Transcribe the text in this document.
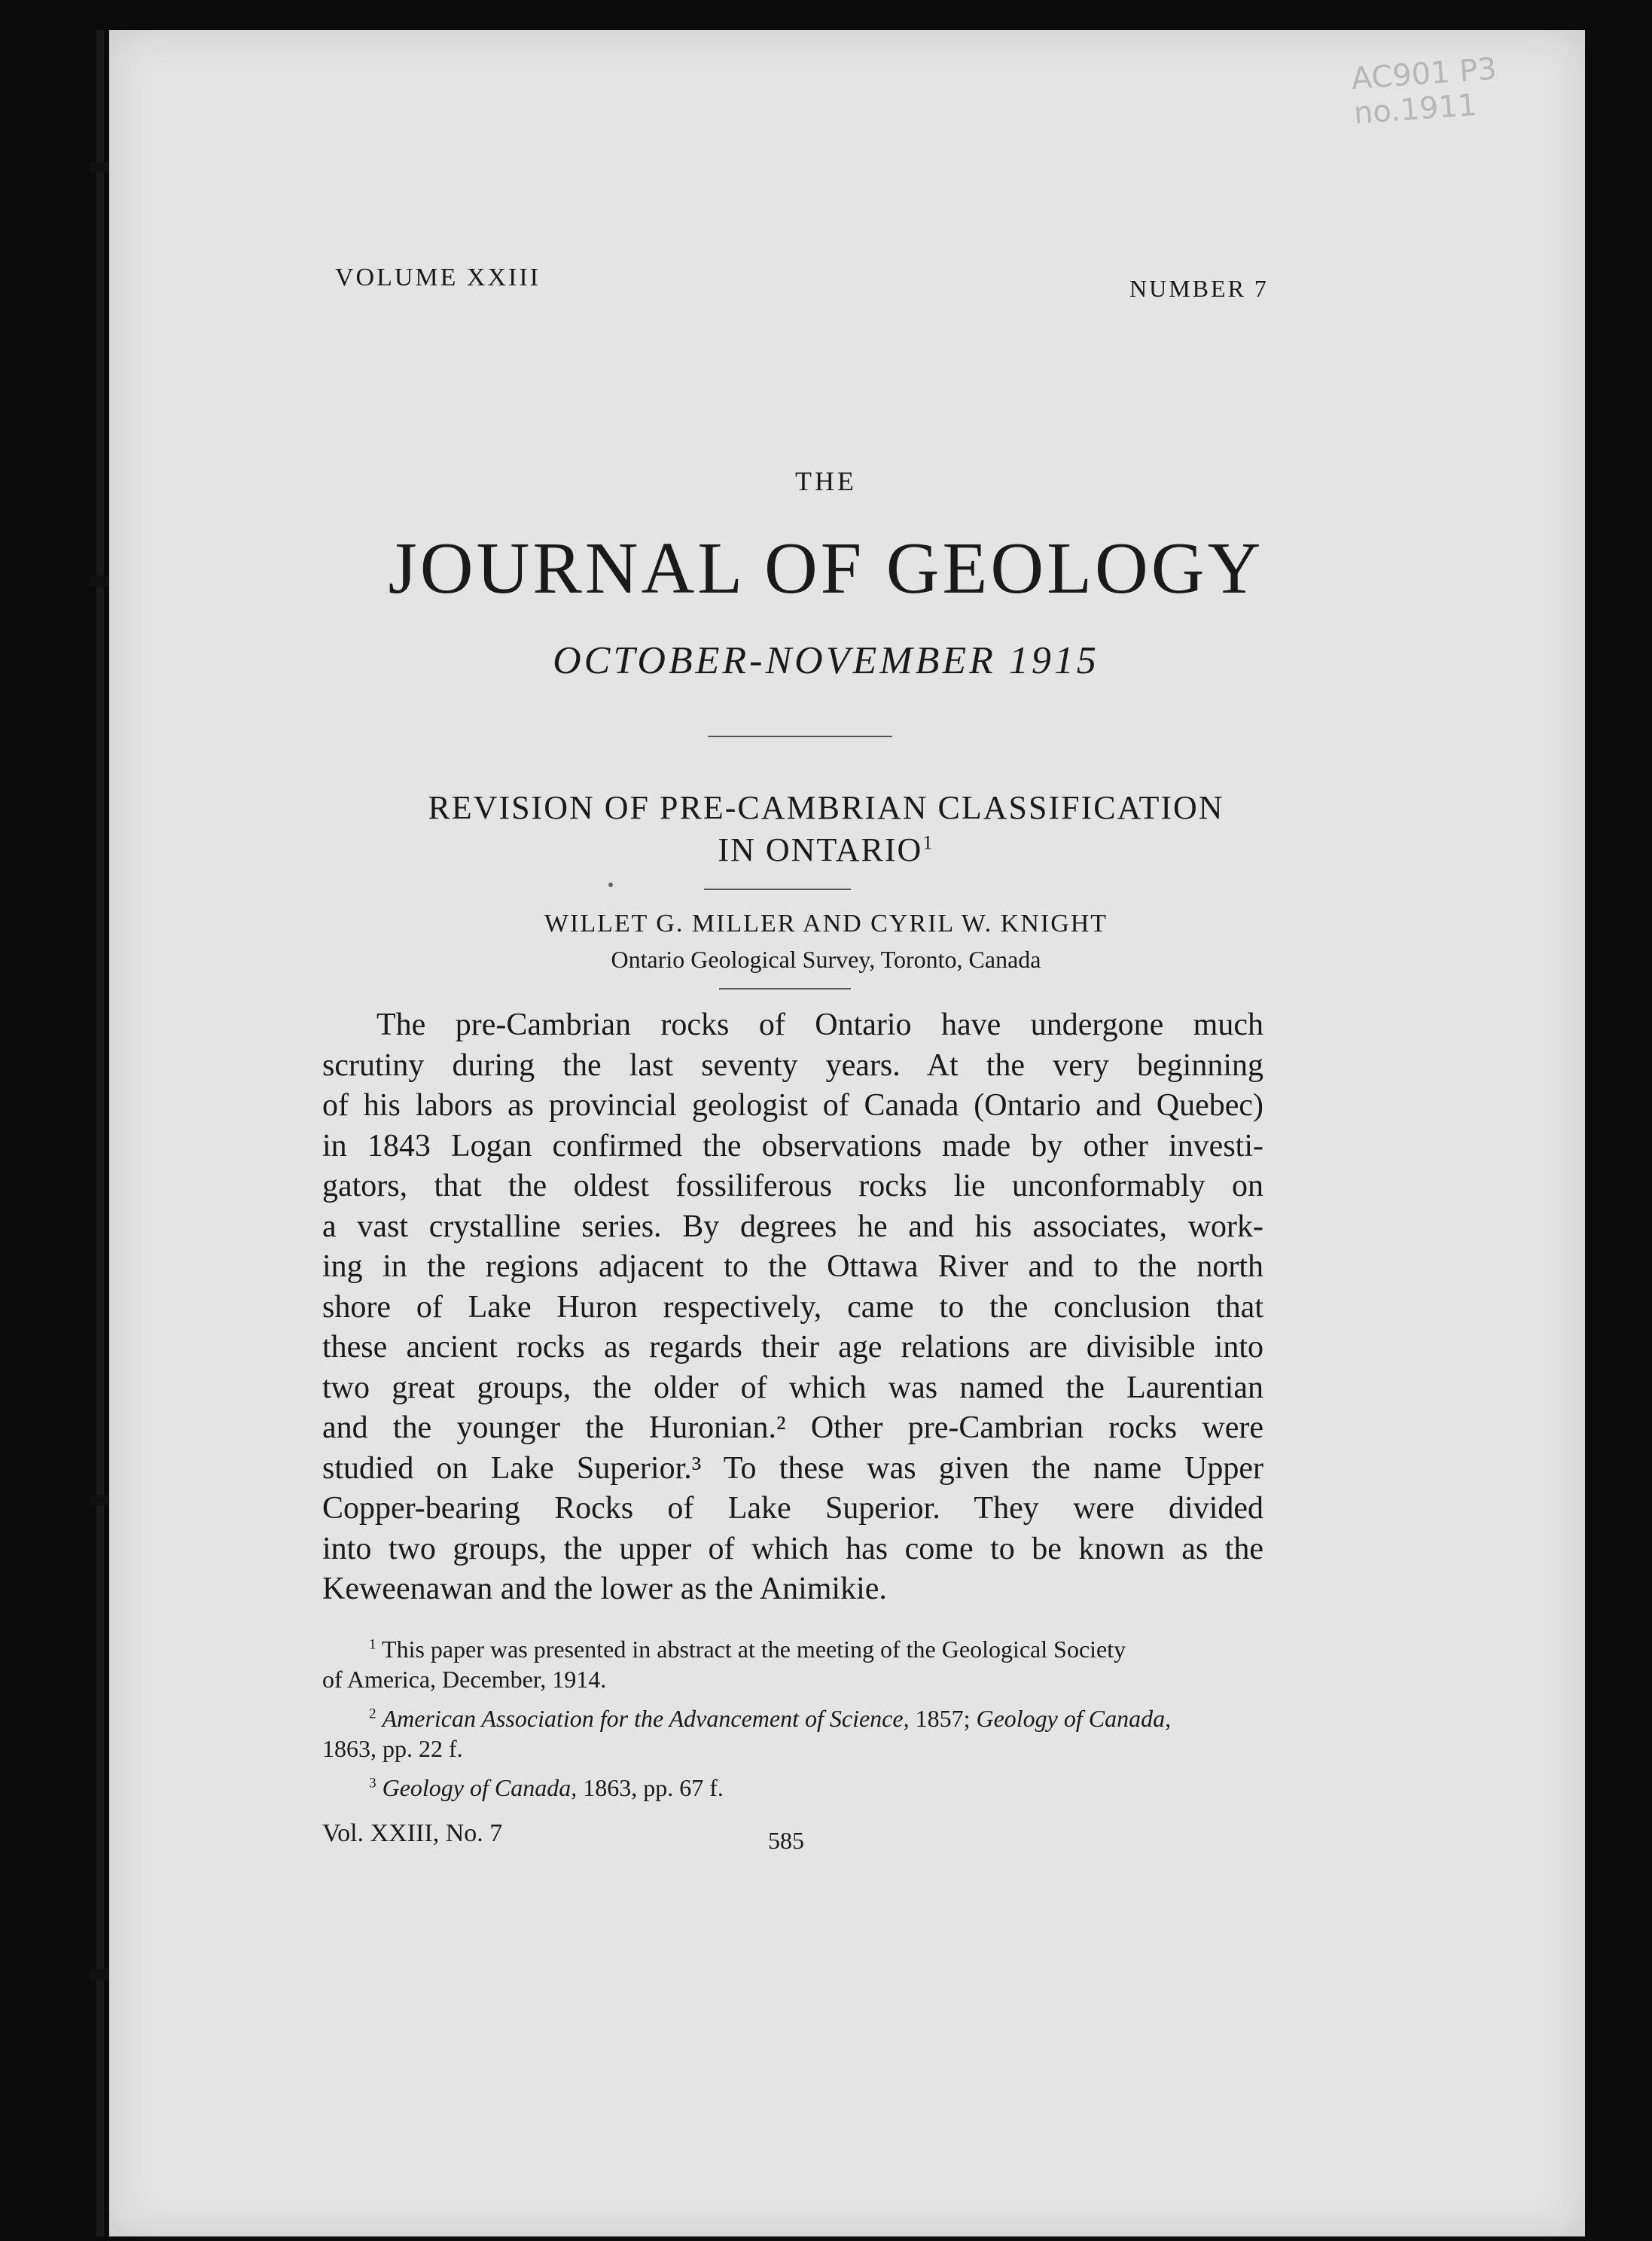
AC901 P3 no.1911
VOLUME XXIII	NUMBER 7
THE
JOURNAL OF GEOLOGY
OCTOBER-NOVEMBER 1915
REVISION OF PRE-CAMBRIAN CLASSIFICATION
IN ONTARIO$^1$
WILLET G. MILLER AND CYRIL W. KNIGHT
Ontario Geological Survey, Toronto, Canada
The pre-Cambrian rocks of Ontario have undergone much
scrutiny during the last seventy years. At the very beginning
of his labors as provincial geologist of Canada (Ontario and Quebec)
in 1843 Logan confirmed the observations made by other investi-
gators, that the oldest fossiliferous rocks lie unconformably on
a vast crystalline series. By degrees he and his associates, work-
ing in the regions adjacent to the Ottawa River and to the north
shore of Lake Huron respectively, came to the conclusion that
these ancient rocks as regards their age relations are divisible into
two great groups, the older of which was named the Laurentian
and the younger the Huronian.² Other pre-Cambrian rocks were
studied on Lake Superior.³ To these was given the name Upper
Copper-bearing Rocks of Lake Superior. They were divided
into two groups, the upper of which has come to be known as the
Keweenawan and the lower as the Animikie.
$^1$ This paper was presented in abstract at the meeting of the Geological Society
of America, December, 1914.
$^2$ American Association for the Advancement of Science, 1857; Geology of Canada,
1863, pp. 22 f.
$^3$ Geology of Canada, 1863, pp. 67 f.
Vol. XXIII, No. 7	585
